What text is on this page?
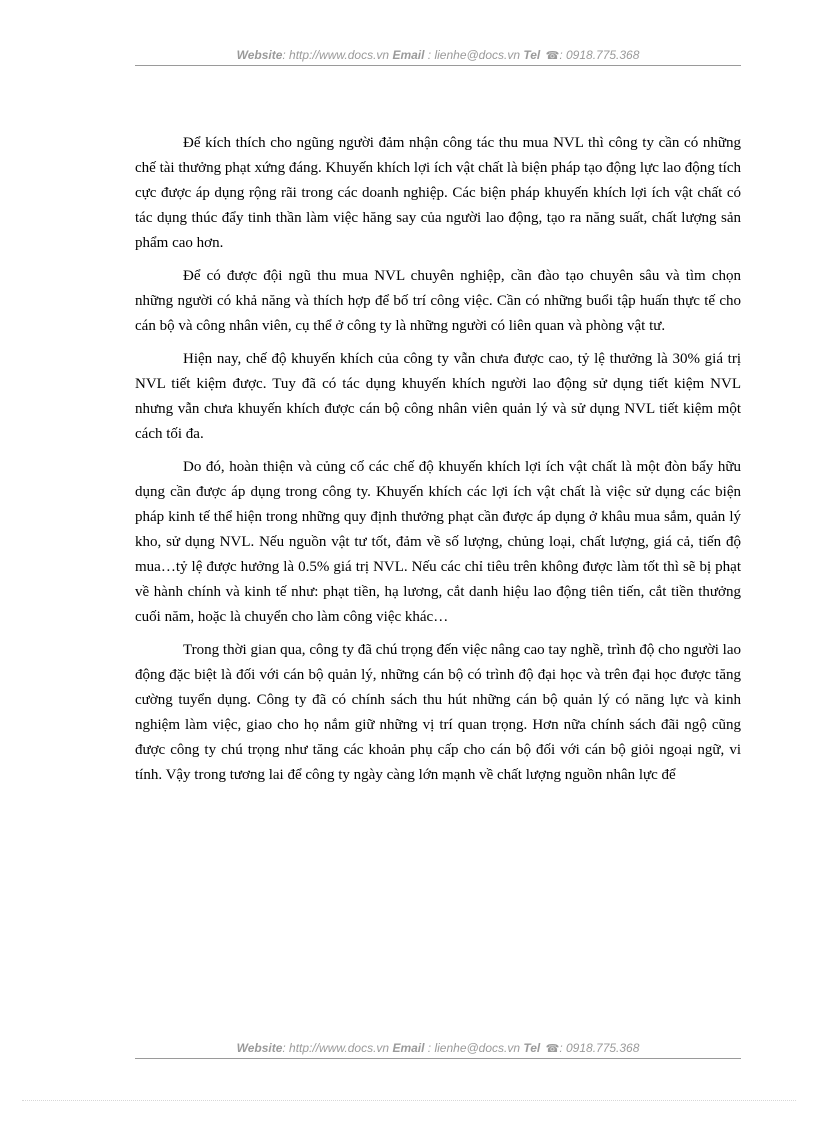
Website: http://www.docs.vn Email : lienhe@docs.vn Tel ☎: 0918.775.368

Để kích thích cho ngũng người đảm nhận công tác thu mua NVL thì công ty cần có những chế tài thưởng phạt xứng đáng. Khuyến khích lợi ích vật chất là biện pháp tạo động lực lao động tích cực được áp dụng rộng rãi trong các doanh nghiệp. Các biện pháp khuyến khích lợi ích vật chất có tác dụng thúc đẩy tinh thần làm việc hăng say của người lao động, tạo ra năng suất, chất lượng sản phẩm cao hơn.

Để có được đội ngũ thu mua NVL chuyên nghiệp, cần đào tạo chuyên sâu và tìm chọn những người có khả năng và thích hợp để bố trí công việc. Cần có những buổi tập huấn thực tế cho cán bộ và công nhân viên, cụ thể ở công ty là những người có liên quan và phòng vật tư.

Hiện nay, chế độ khuyến khích của công ty vẫn chưa được cao, tỷ lệ thưởng là 30% giá trị NVL tiết kiệm được. Tuy đã có tác dụng khuyến khích người lao động sử dụng tiết kiệm NVL nhưng vẫn chưa khuyến khích được cán bộ công nhân viên quản lý và sử dụng NVL tiết kiệm một cách tối đa.

Do đó, hoàn thiện và củng cố các chế độ khuyến khích lợi ích vật chất là một đòn bẩy hữu dụng cần được áp dụng trong công ty. Khuyến khích các lợi ích vật chất là việc sử dụng các biện pháp kinh tế thể hiện trong những quy định thưởng phạt cần được áp dụng ở khâu mua sắm, quản lý kho, sử dụng NVL. Nếu nguồn vật tư tốt, đảm về số lượng, chủng loại, chất lượng, giá cả, tiến độ mua…tỷ lệ được hưởng là 0.5% giá trị NVL. Nếu các chỉ tiêu trên không được làm tốt thì sẽ bị phạt về hành chính và kinh tế như: phạt tiền, hạ lương, cắt danh hiệu lao động tiên tiến, cắt tiền thưởng cuối năm, hoặc là chuyển cho làm công việc khác…

Trong thời gian qua, công ty đã chú trọng đến việc nâng cao tay nghề, trình độ cho người lao động đặc biệt là đối với cán bộ quản lý, những cán bộ có trình độ đại học và trên đại học được tăng cường tuyển dụng. Công ty đã có chính sách thu hút những cán bộ quản lý có năng lực và kinh nghiệm làm việc, giao cho họ nắm giữ những vị trí quan trọng. Hơn nữa chính sách đãi ngộ cũng được công ty chú trọng như tăng các khoản phụ cấp cho cán bộ đối với cán bộ giỏi ngoại ngữ, vi tính. Vậy trong tương lai để công ty ngày càng lớn mạnh về chất lượng nguồn nhân lực để

Website: http://www.docs.vn Email : lienhe@docs.vn Tel ☎: 0918.775.368
